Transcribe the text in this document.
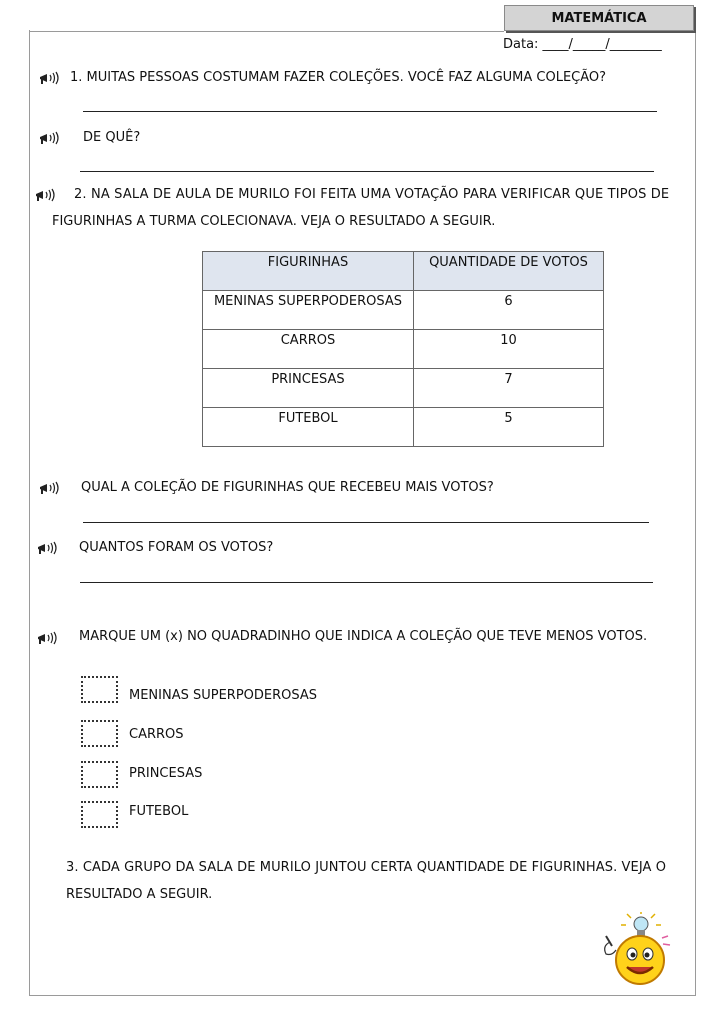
MATEMÁTICA
Data: ____/_____/________
1. MUITAS PESSOAS COSTUMAM FAZER COLEÇÕES. VOCÊ FAZ ALGUMA COLEÇÃO?
DE QUÊ?
2. NA SALA DE AULA DE MURILO FOI FEITA UMA VOTAÇÃO PARA VERIFICAR QUE TIPOS DE
FIGURINHAS A TURMA COLECIONAVA. VEJA O RESULTADO A SEGUIR.
FIGURINHAS	QUANTIDADE DE VOTOS

MENINAS SUPERPODEROSAS	6

CARROS	10

PRINCESAS	7

FUTEBOL	5
QUAL A COLEÇÃO DE FIGURINHAS QUE RECEBEU MAIS VOTOS?
QUANTOS FORAM OS VOTOS?
MARQUE UM (x) NO QUADRADINHO QUE INDICA A COLEÇÃO QUE TEVE MENOS VOTOS.
MENINAS SUPERPODEROSAS
CARROS
PRINCESAS
FUTEBOL
3. CADA GRUPO DA SALA DE MURILO JUNTOU CERTA QUANTIDADE DE FIGURINHAS. VEJA O
RESULTADO A SEGUIR.
